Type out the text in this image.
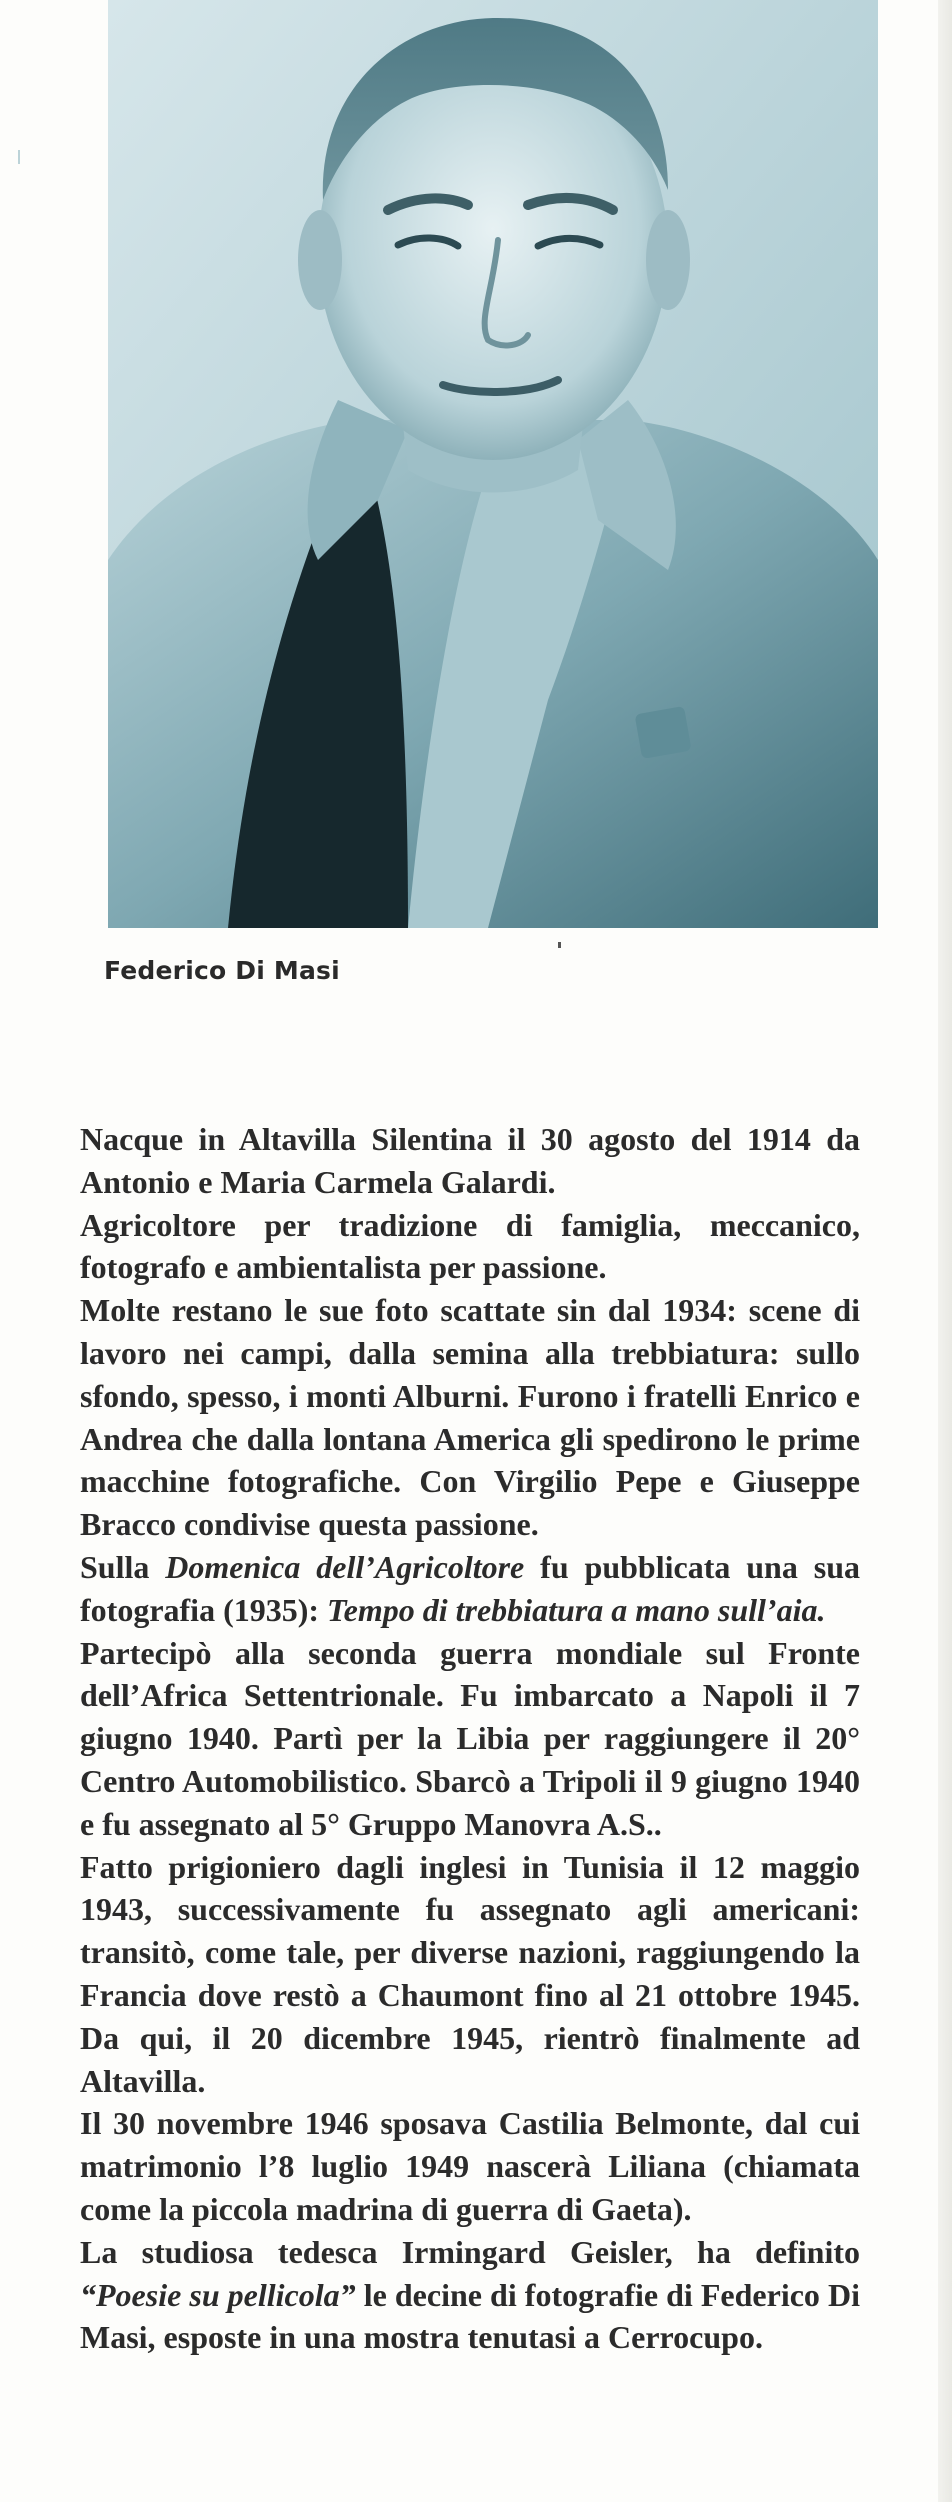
Federico Di Masi

Nacque in Altavilla Silentina il 30 agosto del 1914 da Antonio e Maria Carmela Galardi.

Agricoltore per tradizione di famiglia, meccanico, fotografo e ambientalista per passione.

Molte restano le sue foto scattate sin dal 1934: scene di lavoro nei campi, dalla semina alla trebbiatura: sullo sfondo, spesso, i monti Alburni. Furono i fratelli Enrico e Andrea che dalla lontana America gli spedirono le prime macchine fotografiche. Con Virgilio Pepe e Giuseppe Bracco condivise questa passione.

Sulla Domenica dell’Agricoltore fu pubblicata una sua fotografia (1935): Tempo di trebbiatura a mano sull’aia.

Partecipò alla seconda guerra mondiale sul Fronte dell’Africa Settentrionale. Fu imbarcato a Napoli il 7 giugno 1940. Partì per la Libia per raggiungere il 20° Centro Automobilistico. Sbarcò a Tripoli il 9 giugno 1940 e fu assegnato al 5° Gruppo Manovra A.S..

Fatto prigioniero dagli inglesi in Tunisia il 12 maggio 1943, successivamente fu assegnato agli americani: transitò, come tale, per diverse nazioni, raggiungendo la Francia dove restò a Chaumont fino al 21 ottobre 1945. Da qui, il 20 dicembre 1945, rientrò finalmente ad Altavilla.

Il 30 novembre 1946 sposava Castilia Belmonte, dal cui matrimonio l’8 luglio 1949 nascerà Liliana (chiamata come la piccola madrina di guerra di Gaeta).

La studiosa tedesca Irmingard Geisler, ha definito “Poesie su pellicola” le decine di fotografie di Federico Di Masi, esposte in una mostra tenutasi a Cerrocupo.
